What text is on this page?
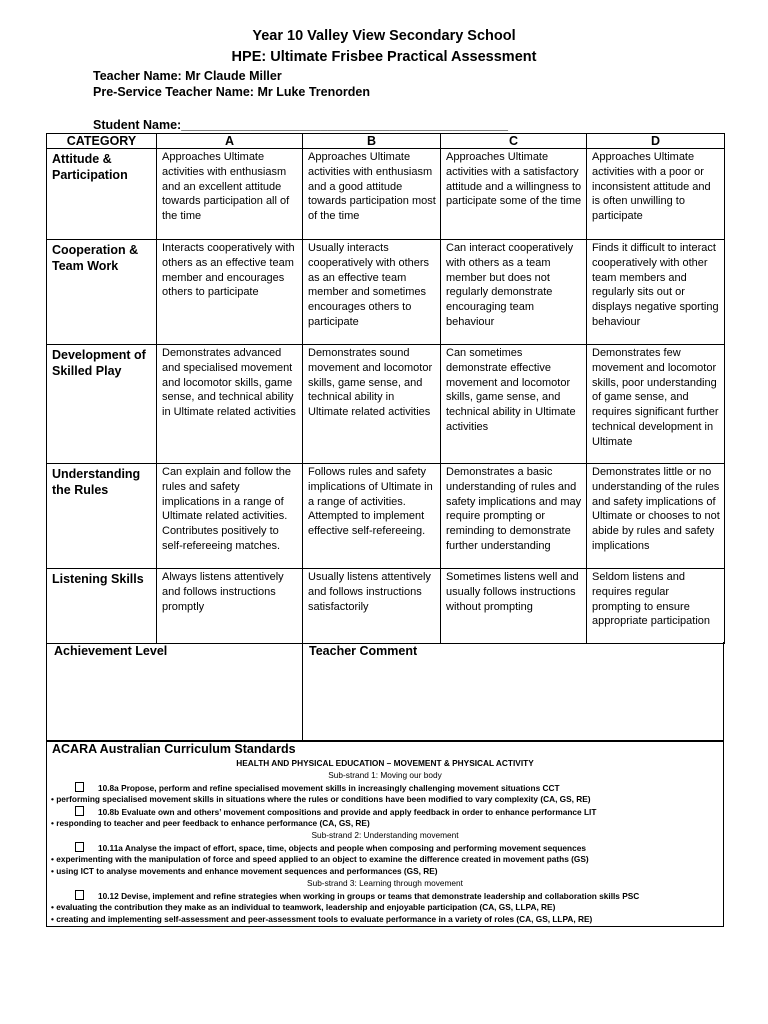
Year 10 Valley View Secondary School
HPE: Ultimate Frisbee Practical Assessment
Teacher Name: Mr Claude Miller
Pre-Service Teacher Name: Mr Luke Trenorden
Student Name:_______________________________________________
CATEGORY	A	B	C	D
Attitude & Participation	Approaches Ultimate activities with enthusiasm and an excellent attitude towards participation all of the time	Approaches Ultimate activities with enthusiasm and a good attitude towards participation most of the time	Approaches Ultimate activities with a satisfactory attitude and a willingness to participate some of the time	Approaches Ultimate activities with a poor or inconsistent attitude and is often unwilling to participate
Cooperation & Team Work	Interacts cooperatively with others as an effective team member and encourages others to participate	Usually interacts cooperatively with others as an effective team member and sometimes encourages others to participate	Can interact cooperatively with others as a team member but does not regularly demonstrate encouraging team behaviour	Finds it difficult to interact cooperatively with other team members and regularly sits out or displays negative sporting behaviour
Development of Skilled Play	Demonstrates advanced and specialised movement and locomotor skills, game sense, and technical ability in Ultimate related activities	Demonstrates sound movement and locomotor skills, game sense, and technical ability in Ultimate related activities	Can sometimes demonstrate effective movement and locomotor skills, game sense, and technical ability in Ultimate activities	Demonstrates few movement and locomotor skills, poor understanding of game sense, and requires significant further technical development in Ultimate
Understanding the Rules	Can explain and follow the rules and safety implications in a range of Ultimate related activities. Contributes positively to self-refereeing matches.	Follows rules and safety implications of Ultimate in a range of activities. Attempted to implement effective self-refereeing.	Demonstrates a basic understanding of rules and safety implications and may require prompting or reminding to demonstrate further understanding	Demonstrates little or no understanding of the rules and safety implications of Ultimate or chooses to not abide by rules and safety implications
Listening Skills	Always listens attentively and follows instructions promptly	Usually listens attentively and follows instructions satisfactorily	Sometimes listens well and usually follows instructions without prompting	Seldom listens and requires regular prompting to ensure appropriate participation
Achievement Level	Teacher Comment
ACARA Australian Curriculum Standards
HEALTH AND PHYSICAL EDUCATION – MOVEMENT & PHYSICAL ACTIVITY
Sub-strand 1: Moving our body
10.8a Propose, perform and refine specialised movement skills in increasingly challenging movement situations CCT
• performing specialised movement skills in situations where the rules or conditions have been modified to vary complexity (CA, GS, RE)
10.8b Evaluate own and others’ movement compositions and provide and apply feedback in order to enhance performance LIT
• responding to teacher and peer feedback to enhance performance (CA, GS, RE)
Sub-strand 2: Understanding movement
10.11a Analyse the impact of effort, space, time, objects and people when composing and performing movement sequences
• experimenting with the manipulation of force and speed applied to an object to examine the difference created in movement paths (GS)
• using ICT to analyse movements and enhance movement sequences and performances (GS, RE)
Sub-strand 3: Learning through movement
10.12 Devise, implement and refine strategies when working in groups or teams that demonstrate leadership and collaboration skills PSC
• evaluating the contribution they make as an individual to teamwork, leadership and enjoyable participation (CA, GS, LLPA, RE)
• creating and implementing self-assessment and peer-assessment tools to evaluate performance in a variety of roles (CA, GS, LLPA, RE)
